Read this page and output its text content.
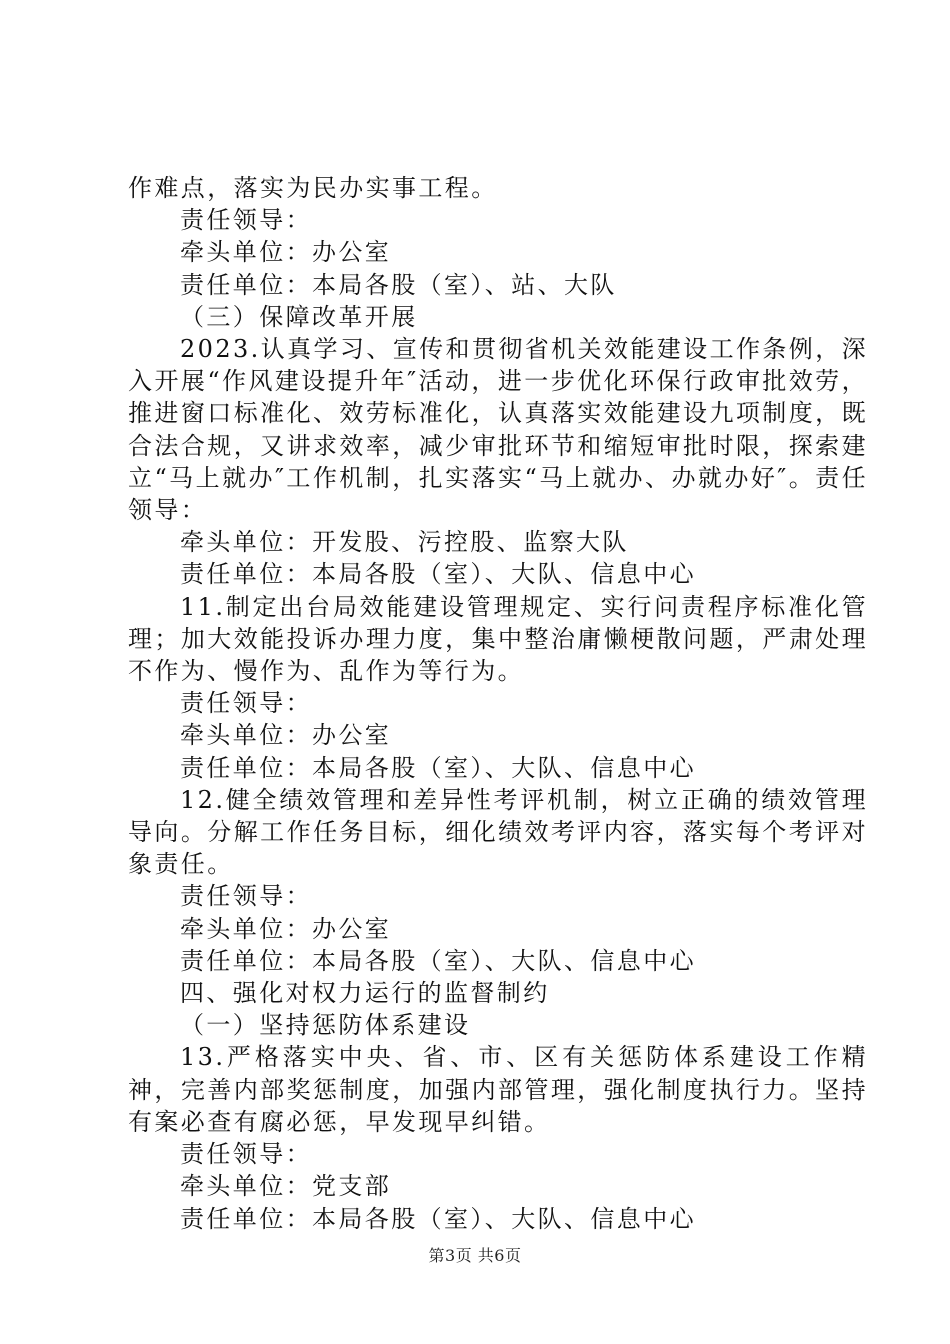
作难点，落实为民办实事工程。

责任领导：

牵头单位：办公室

责任单位：本局各股（室）、站、大队

（三）保障改革开展

2023.认真学习、宣传和贯彻省机关效能建设工作条例，深入开展“作风建设提升年″活动，进一步优化环保行政审批效劳，推进窗口标准化、效劳标准化，认真落实效能建设九项制度，既合法合规，又讲求效率，减少审批环节和缩短审批时限，探索建立“马上就办″工作机制，扎实落实“马上就办、办就办好″。责任领导：

牵头单位：开发股、污控股、监察大队

责任单位：本局各股（室）、大队、信息中心

11.制定出台局效能建设管理规定、实行问责程序标准化管理；加大效能投诉办理力度，集中整治庸懒梗散问题，严肃处理不作为、慢作为、乱作为等行为。

责任领导：

牵头单位：办公室

责任单位：本局各股（室）、大队、信息中心

12.健全绩效管理和差异性考评机制，树立正确的绩效管理导向。分解工作任务目标，细化绩效考评内容，落实每个考评对象责任。

责任领导：

牵头单位：办公室

责任单位：本局各股（室）、大队、信息中心

四、强化对权力运行的监督制约

（一）坚持惩防体系建设

13.严格落实中央、省、市、区有关惩防体系建设工作精神，完善内部奖惩制度，加强内部管理，强化制度执行力。坚持有案必查有腐必惩，早发现早纠错。

责任领导：

牵头单位：党支部

责任单位：本局各股（室）、大队、信息中心

第3页 共6页
